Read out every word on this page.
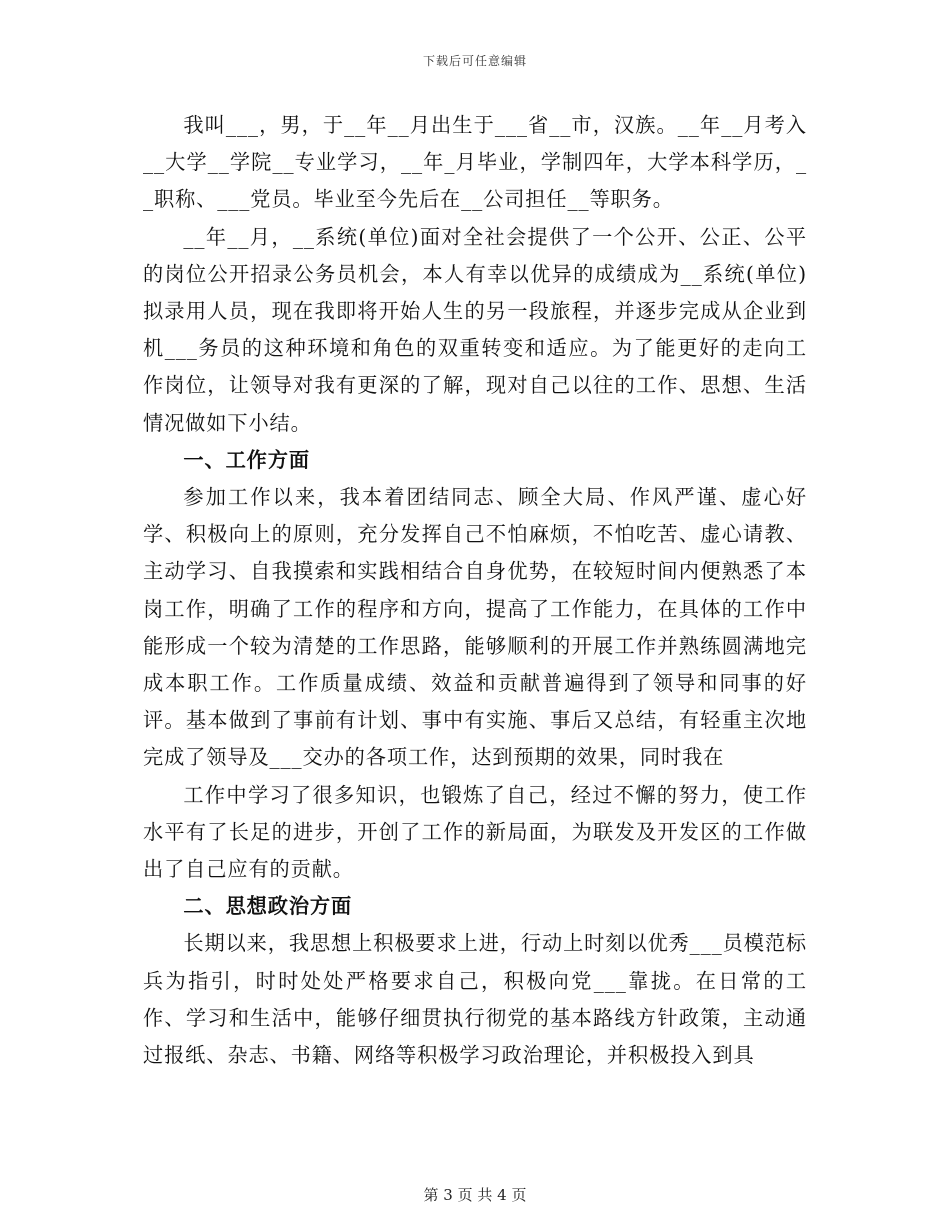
下载后可任意编辑

我叫___，男，于__年__月出生于___省__市，汉族。__年__月考入__大学__学院__专业学习，__年_月毕业，学制四年，大学本科学历，__职称、___党员。毕业至今先后在__公司担任__等职务。

__年__月，__系统(单位)面对全社会提供了一个公开、公正、公平的岗位公开招录公务员机会，本人有幸以优异的成绩成为__系统(单位)拟录用人员，现在我即将开始人生的另一段旅程，并逐步完成从企业到机___务员的这种环境和角色的双重转变和适应。为了能更好的走向工作岗位，让领导对我有更深的了解，现对自己以往的工作、思想、生活情况做如下小结。

一、工作方面

参加工作以来，我本着团结同志、顾全大局、作风严谨、虚心好学、积极向上的原则，充分发挥自己不怕麻烦，不怕吃苦、虚心请教、主动学习、自我摸索和实践相结合自身优势，在较短时间内便熟悉了本岗工作，明确了工作的程序和方向，提高了工作能力，在具体的工作中能形成一个较为清楚的工作思路，能够顺利的开展工作并熟练圆满地完成本职工作。工作质量成绩、效益和贡献普遍得到了领导和同事的好评。基本做到了事前有计划、事中有实施、事后又总结，有轻重主次地完成了领导及___交办的各项工作，达到预期的效果，同时我在

工作中学习了很多知识，也锻炼了自己，经过不懈的努力，使工作水平有了长足的进步，开创了工作的新局面，为联发及开发区的工作做出了自己应有的贡献。

二、思想政治方面

长期以来，我思想上积极要求上进，行动上时刻以优秀___员模范标兵为指引，时时处处严格要求自己，积极向党___靠拢。在日常的工作、学习和生活中，能够仔细贯执行彻党的基本路线方针政策，主动通过报纸、杂志、书籍、网络等积极学习政治理论，并积极投入到具

第 3 页 共 4 页
